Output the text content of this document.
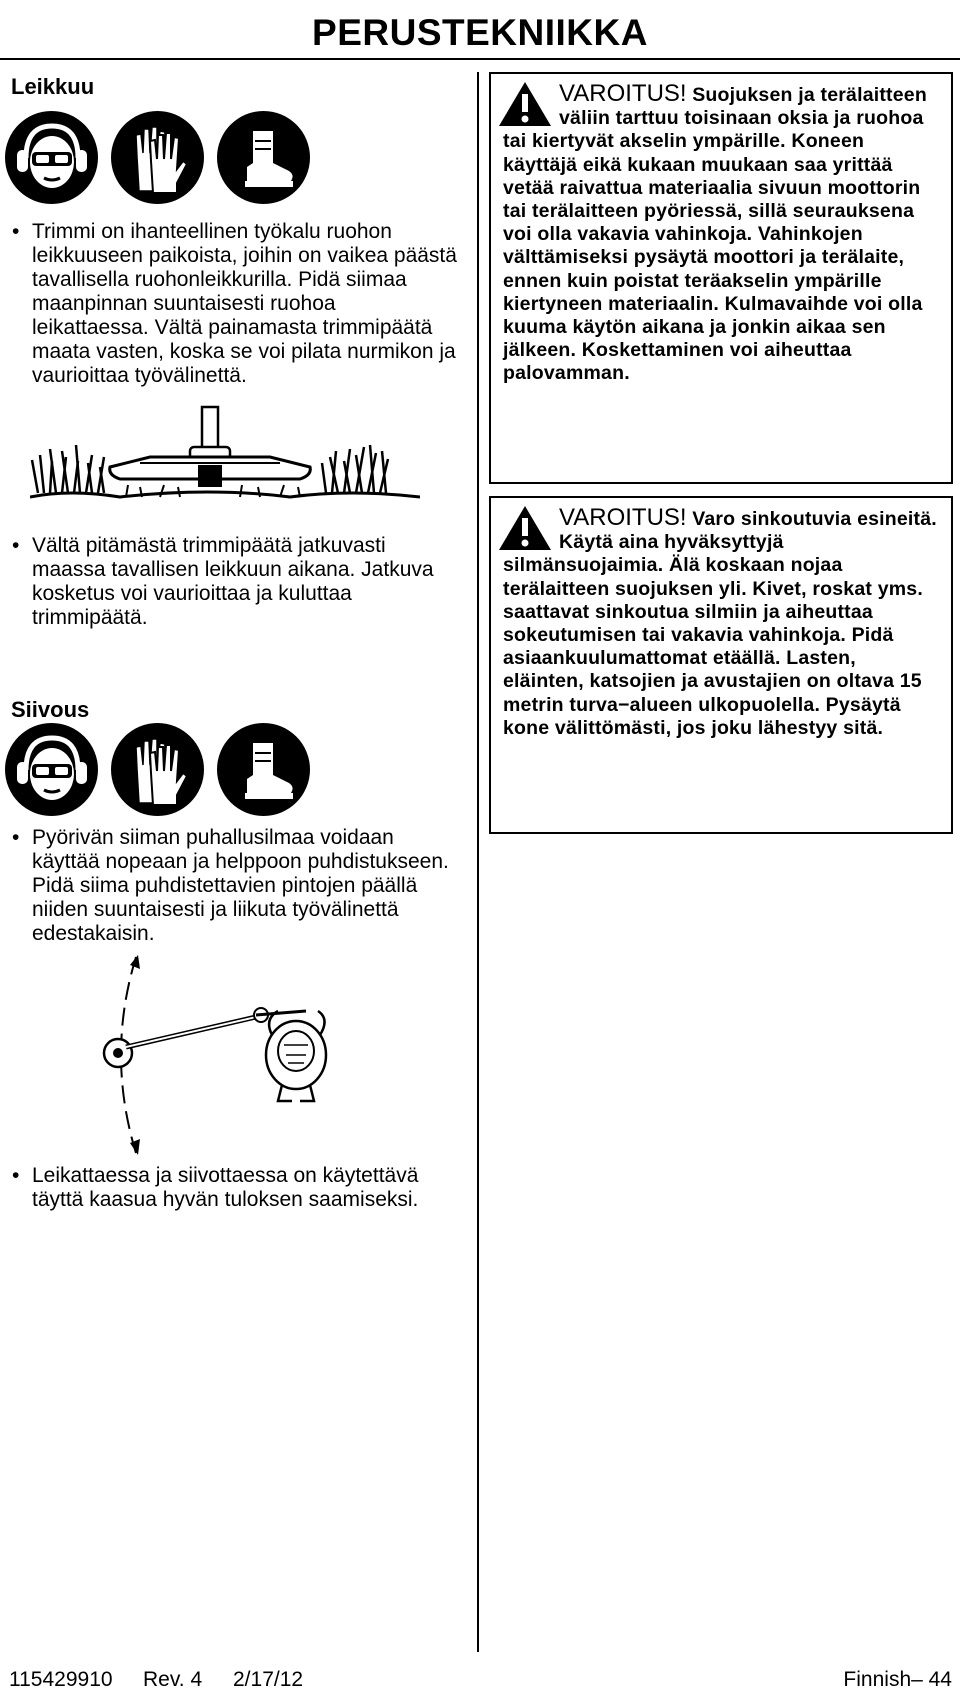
PERUSTEKNIIKKA
Leikkuu
• Trimmi on ihanteellinen työkalu ruohon leikkuuseen paikoista, joihin on vaikea päästä tavallisella ruohonleikkurilla. Pidä siimaa maanpinnan suuntaisesti ruohoa leikattaessa. Vältä painamasta trimmipäätä maata vasten, koska se voi pilata nurmikon ja vaurioittaa työvälinettä.
• Vältä pitämästä trimmipäätä jatkuvasti maassa tavallisen leikkuun aikana. Jatkuva kosketus voi vaurioittaa ja kuluttaa trimmipäätä.
Siivous
• Pyörivän siiman puhallusilmaa voidaan käyttää nopeaan ja helppoon puhdistukseen. Pidä siima puhdistettavien pintojen päällä niiden suuntaisesti ja liikuta työvälinettä edestakaisin.
• Leikattaessa ja siivottaessa on käytettävä täyttä kaasua hyvän tuloksen saamiseksi.
VAROITUS! Suojuksen ja terälaitteen väliin tarttuu toisinaan oksia ja ruohoa tai kiertyvät akselin ympärille. Koneen käyttäjä eikä kukaan muukaan saa yrittää vetää raivattua materiaalia sivuun moottorin tai terälaitteen pyöriessä, sillä seurauksena voi olla vakavia vahinkoja. Vahinkojen välttämiseksi pysäytä moottori ja terälaite, ennen kuin poistat teräakselin ympärille kiertyneen materiaalin. Kulmavaihde voi olla kuuma käytön aikana ja jonkin aikaa sen jälkeen. Koskettaminen voi aiheuttaa palovamman.
VAROITUS! Varo sinkoutuvia esineitä. Käytä aina hyväksyttyjä silmänsuojaimia. Älä koskaan nojaa terälaitteen suojuksen yli. Kivet, roskat yms. saattavat sinkoutua silmiin ja aiheuttaa sokeutumisen tai vakavia vahinkoja. Pidä asiaankuulumattomat etäällä. Lasten, eläinten, katsojien ja avustajien on oltava 15 metrin turva−alueen ulkopuolella. Pysäytä kone välittömästi, jos joku lähestyy sitä.
115429910 Rev. 4 2/17/12	Finnish– 44
